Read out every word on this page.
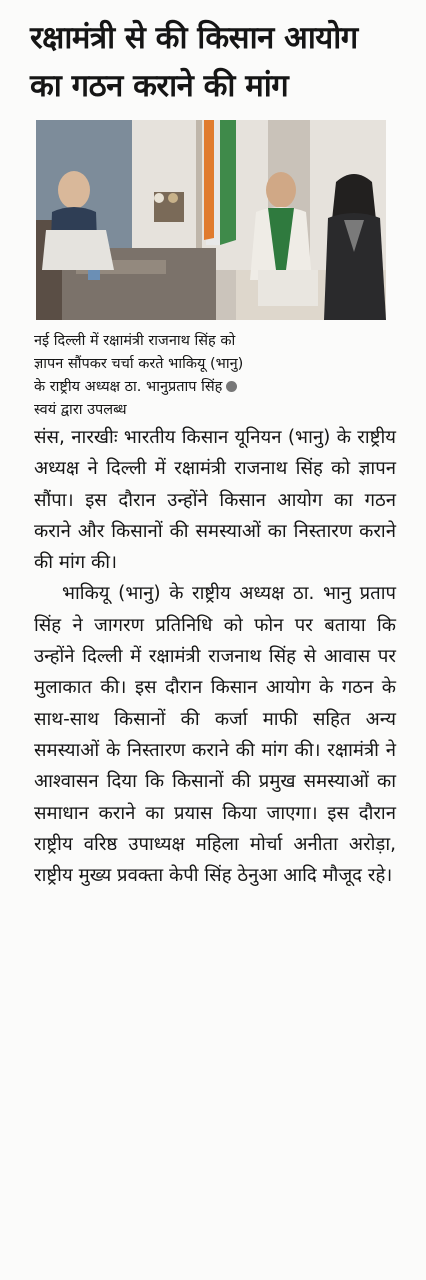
रक्षामंत्री से की किसान आयोग
का गठन कराने की मांग
नई दिल्ली में रक्षामंत्री राजनाथ सिंह को
ज्ञापन सौंपकर चर्चा करते भाकियू (भानु)
के राष्ट्रीय अध्यक्ष ठा. भानुप्रताप सिंह
स्वयं द्वारा उपलब्ध

संस, नारखीः भारतीय किसान यूनियन (भानु) के राष्ट्रीय अध्यक्ष ने दिल्ली में रक्षामंत्री राजनाथ सिंह को ज्ञापन सौंपा। इस दौरान उन्होंने किसान आयोग का गठन कराने और किसानों की समस्याओं का निस्तारण कराने की मांग की।

भाकियू (भानु) के राष्ट्रीय अध्यक्ष ठा. भानु प्रताप सिंह ने जागरण प्रतिनिधि को फोन पर बताया कि उन्होंने दिल्ली में रक्षामंत्री राजनाथ सिंह से आवास पर मुलाकात की। इस दौरान किसान आयोग के गठन के साथ-साथ किसानों की कर्जा माफी सहित अन्य समस्याओं के निस्तारण कराने की मांग की। रक्षामंत्री ने आश्वासन दिया कि किसानों की प्रमुख समस्याओं का समाधान कराने का प्रयास किया जाएगा। इस दौरान राष्ट्रीय वरिष्ठ उपाध्यक्ष महिला मोर्चा अनीता अरोड़ा, राष्ट्रीय मुख्य प्रवक्ता केपी सिंह ठेनुआ आदि मौजूद रहे।
